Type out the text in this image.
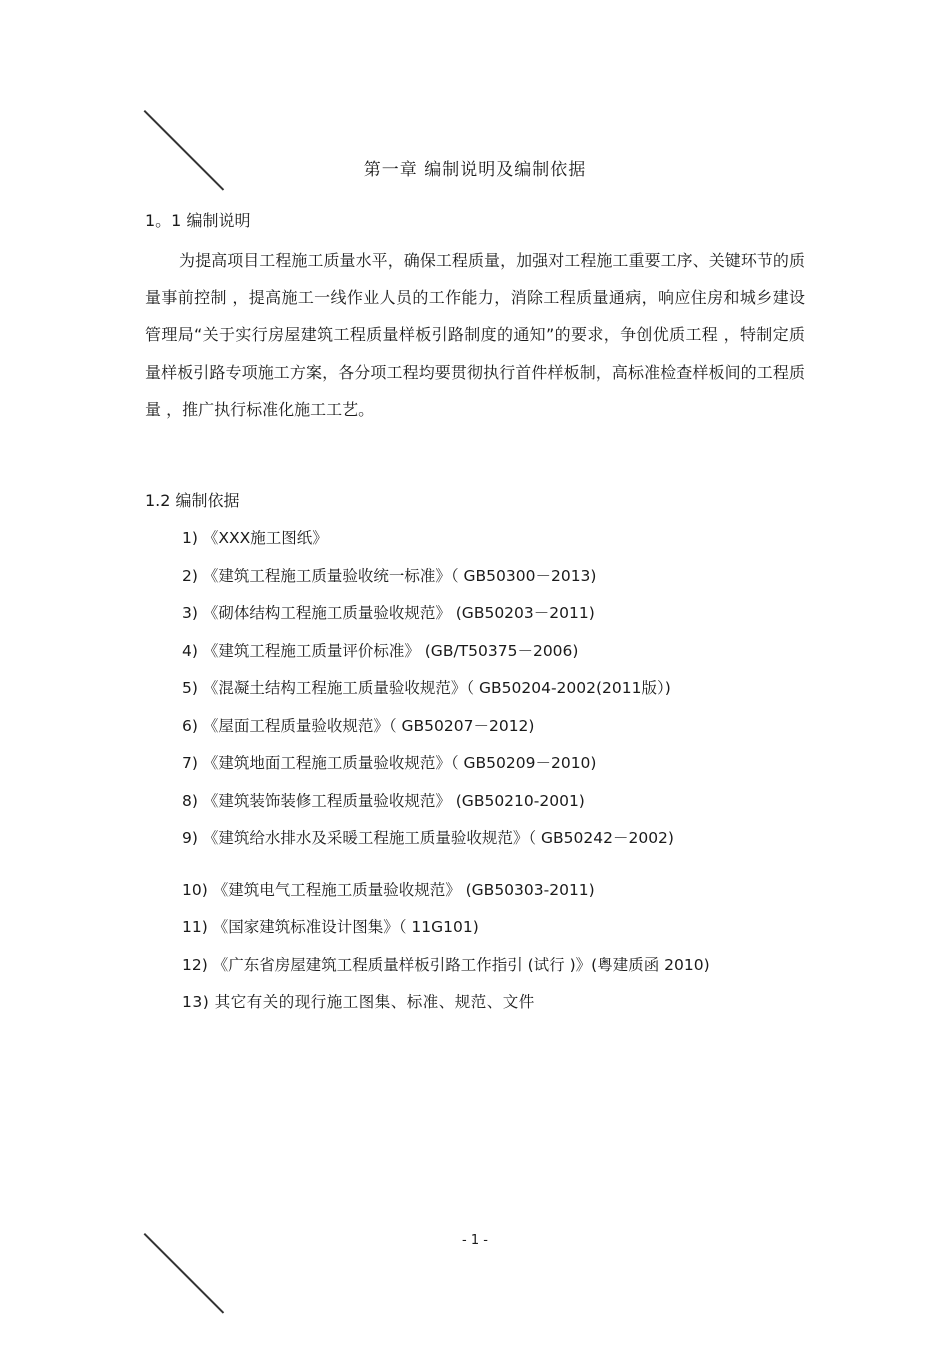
第一章 编制说明及编制依据
1。1 编制说明
为提高项目工程施工质量水平，确保工程质量，加强对工程施工重要工序、关键环节的质量事前控制 ，提高施工一线作业人员的工作能力，消除工程质量通病，响应住房和城乡建设管理局“关于实行房屋建筑工程质量样板引路制度的通知”的要求，争创优质工程 ，特制定质量样板引路专项施工方案，各分项工程均要贯彻执行首件样板制，高标准检查样板间的工程质量 ，推广执行标准化施工工艺。
1.2 编制依据
1) 《XXX施工图纸》
2) 《建筑工程施工质量验收统一标准》（ GB50300－2013)
3) 《砌体结构工程施工质量验收规范》 (GB50203－2011)
4) 《建筑工程施工质量评价标准》 (GB/T50375－2006)
5) 《混凝土结构工程施工质量验收规范》（ GB50204-2002(2011版）)
6) 《屋面工程质量验收规范》（ GB50207－2012)
7) 《建筑地面工程施工质量验收规范》（ GB50209－2010)
8) 《建筑装饰装修工程质量验收规范》 (GB50210-2001)
9) 《建筑给水排水及采暖工程施工质量验收规范》（ GB50242－2002)
10) 《建筑电气工程施工质量验收规范》 (GB50303-2011)
11) 《国家建筑标准设计图集》（ 11G101)
12) 《广东省房屋建筑工程质量样板引路工作指引 (试行 )》(粤建质函 2010)
13) 其它有关的现行施工图集、标准、规范、文件
- 1 -
